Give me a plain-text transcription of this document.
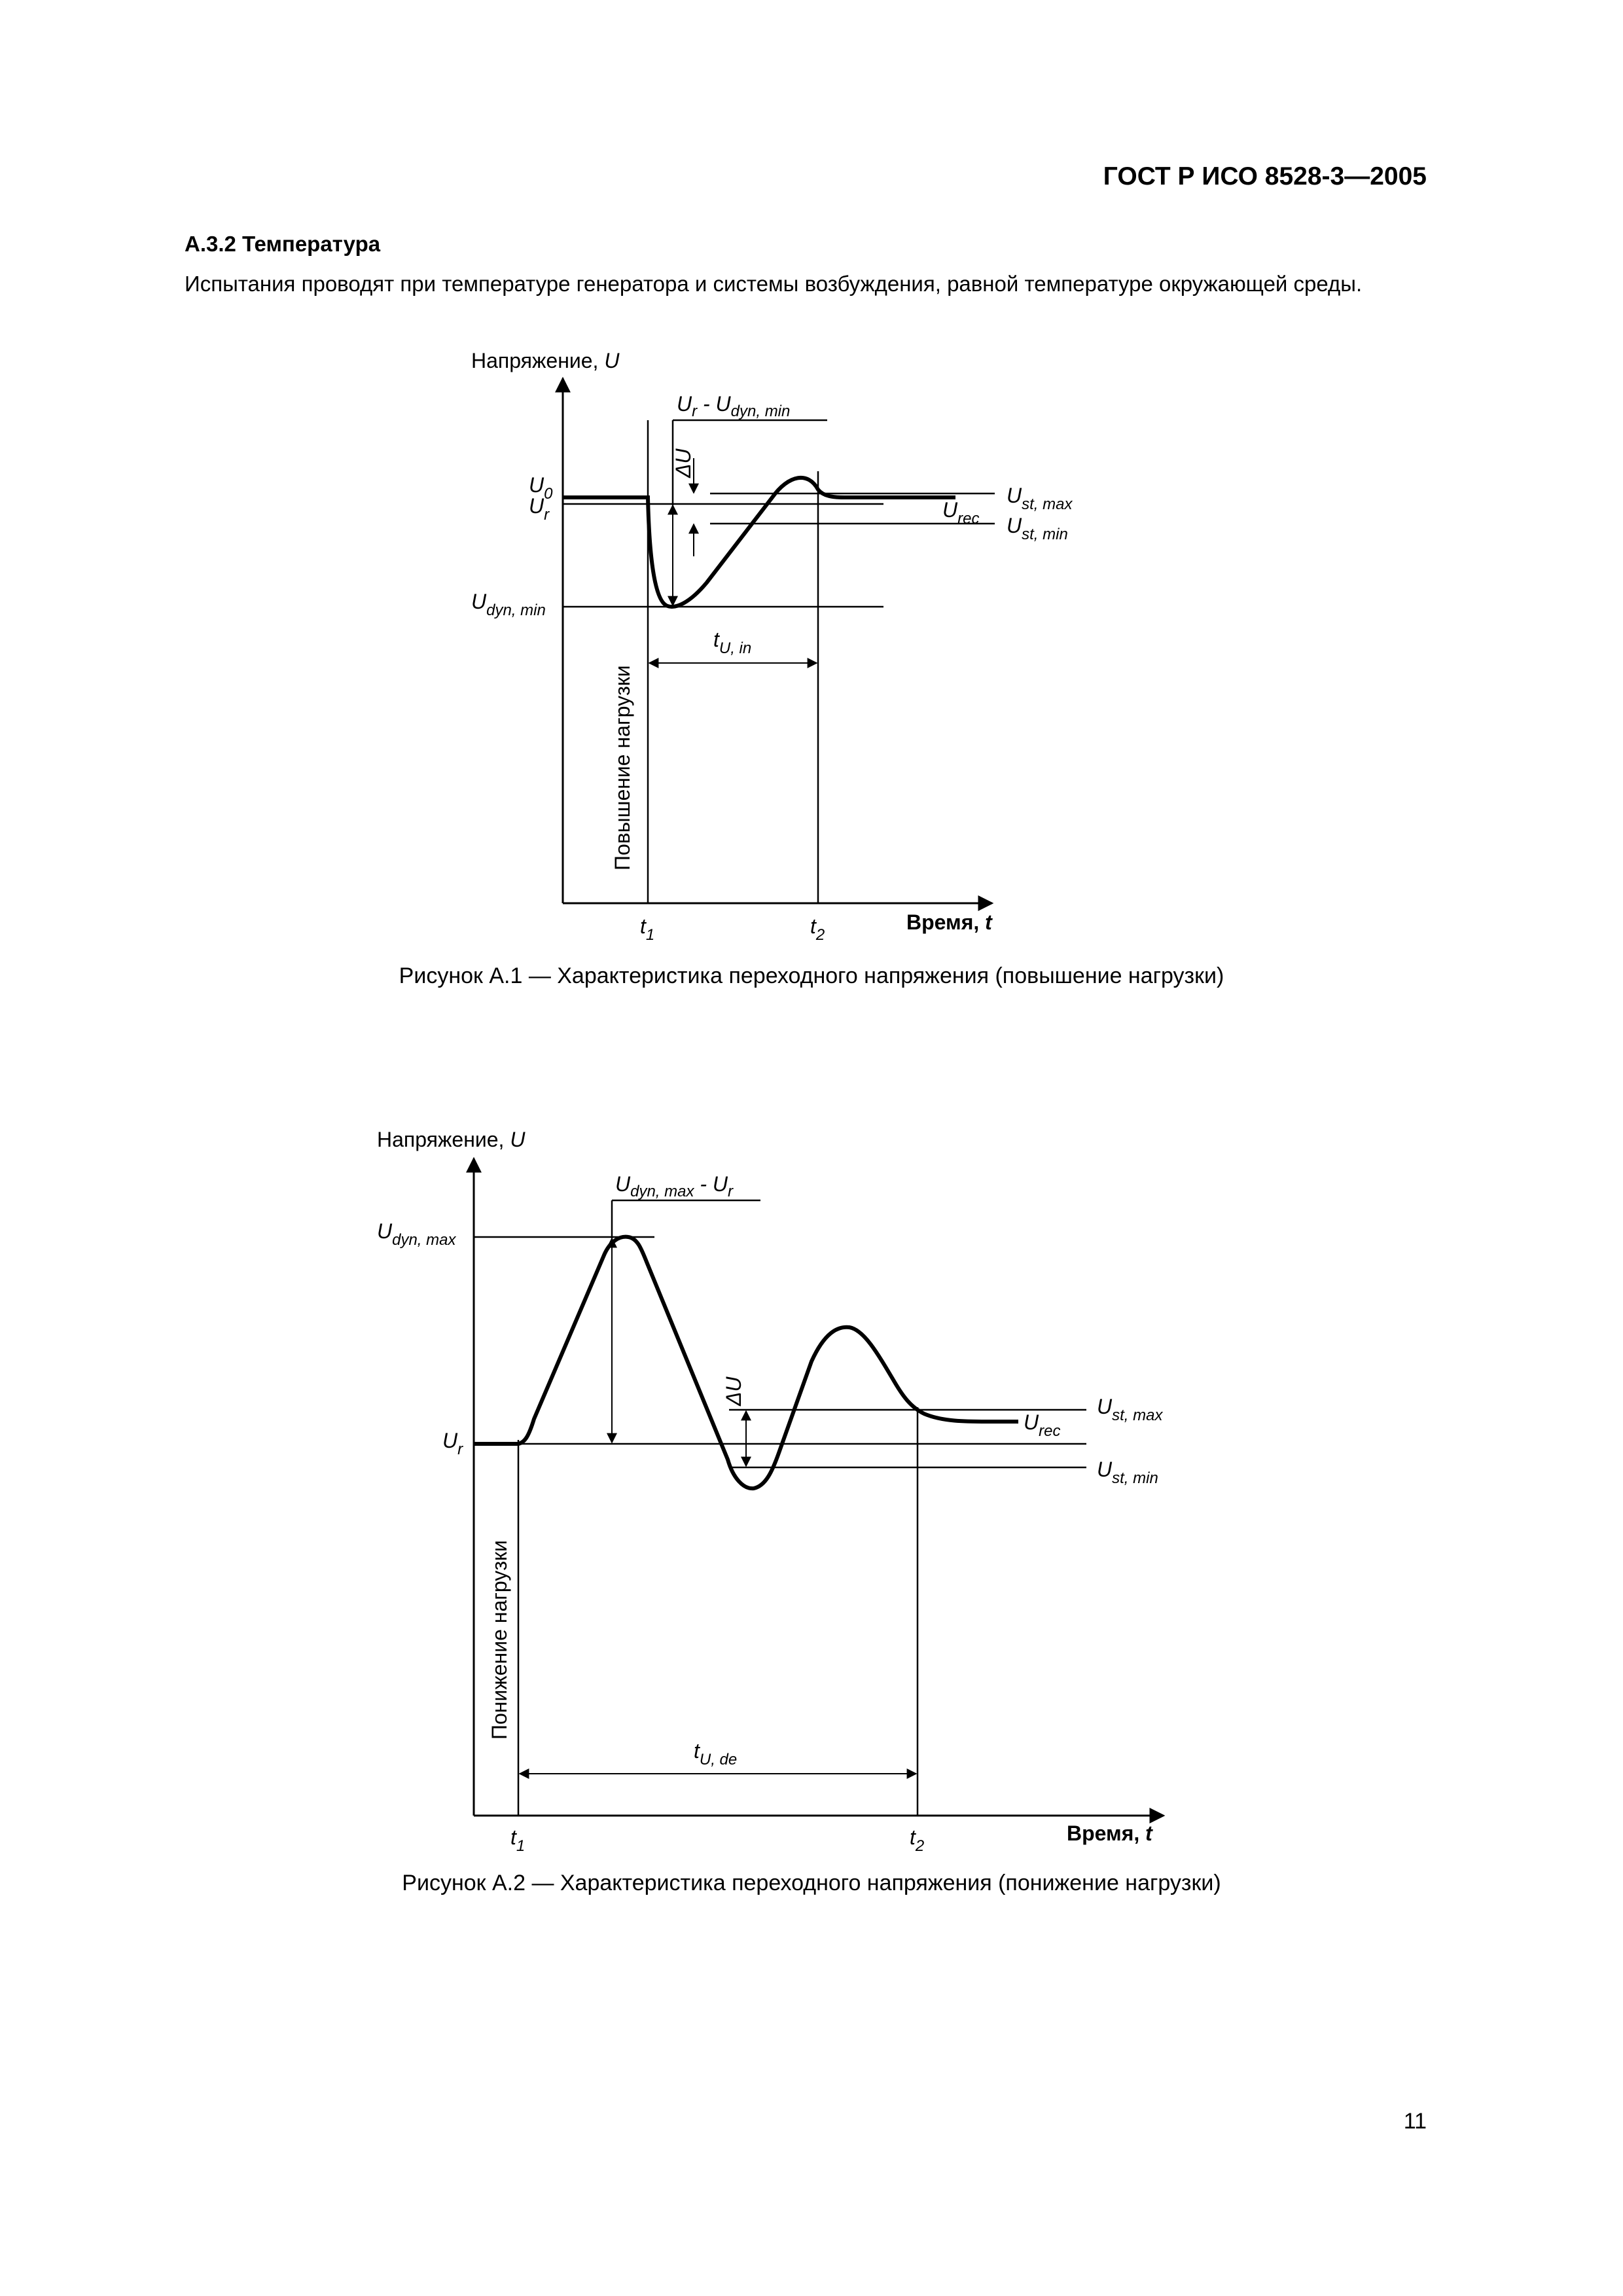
ГОСТ Р ИСО 8528-3—2005
А.3.2 Температура
Испытания проводят при температуре генератора и системы возбуждения, равной температуре окружающей среды.
Напряжение, U
Время, t
$t_1$	$t_2$
$U_r - U_{dyn, min}$
ΔU
$t_{U, in}$
$U_0$
$U_r$
$U_{dyn, min}$
$U_{rec}$
$U_{st, max}$
$U_{st, min}$
Повышение нагрузки
Рисунок А.1 — Характеристика переходного напряжения (повышение нагрузки)
Напряжение, U
Время, t
$t_1$	$t_2$
$U_{dyn, max} - U_r$
ΔU
$t_{U, de}$
$U_{dyn, max}$
$U_r$
$U_{rec}$
$U_{st, max}$
$U_{st, min}$
Понижение нагрузки
Рисунок А.2 — Характеристика переходного напряжения (понижение нагрузки)
11
